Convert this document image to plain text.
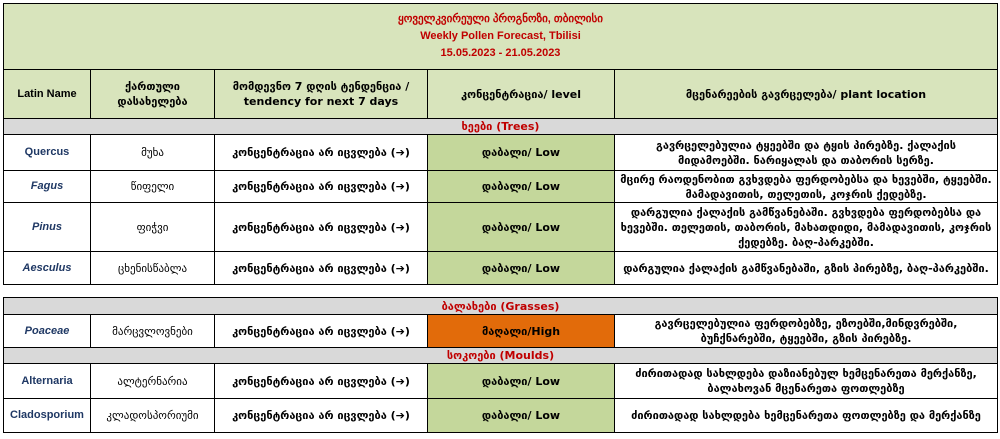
ყოველკვირეული პროგნოზი, თბილისი
Weekly Pollen Forecast, Tbilisi
15.05.2023 - 21.05.2023				

Latin Name	ქართული დასახელება	მომდევნო 7 დღის ტენდენცია / tendency for next 7 days	კონცენტრაცია/ level	მცენარეების გავრცელება/ plant location
ხეები (Trees)				
Quercus	მუხა	კონცენტრაცია არ იცვლება (➔)	დაბალი/ Low	გავრცელებულია ტყეებში და ტყის პირებზე. ქალაქის მიდამოებში. ნარიყალას და თაბორის სერზე.
Fagus	წიფელი	კონცენტრაცია არ იცვლება (➔)	დაბალი/ Low	მცირე რაოდენობით გვხვდება ფერდობებსა და ხევებში, ტყეებში. მამადავითის, თელეთის, კოჯრის ქედებზე.
Pinus	ფიჭვი	კონცენტრაცია არ იცვლება (➔)	დაბალი/ Low	დარგულია ქალაქის გამწვანებაში. გვხვდება ფერდობებსა და ხევებში. თელეთის, თაბორის, მახათდიდი, მამადავითის, კოჯრის ქედებზე. ბაღ-პარკებში.
Aesculus	ცხენისწაბლა	კონცენტრაცია არ იცვლება (➔)	დაბალი/ Low	დარგულია ქალაქის გამწვანებაში, გზის პირებზე, ბაღ-პარკებში.
ბალახები (Grasses)				
Poaceae	მარცვლოვნები	კონცენტრაცია არ იცვლება (➔)	მაღალი/High	გავრცელებულია ფერდობებზე, ეზოებში,მინდვრებში, ბუჩქნარებში, ტყეებში, გზის პირებზე.
სოკოები (Moulds)				
Alternaria	ალტერნარია	კონცენტრაცია არ იცვლება (➔)	დაბალი/ Low	ძირითადად სახლდება დაზიანებულ ხემცენარეთა მერქანზე, ბალახოვან მცენარეთა ფოთლებზე
Cladosporium	კლადოსპორიუმი	კონცენტრაცია არ იცვლება (➔)	დაბალი/ Low	ძირითადად სახლდება ხემცენარეთა ფოთლებზე და მერქანზე
